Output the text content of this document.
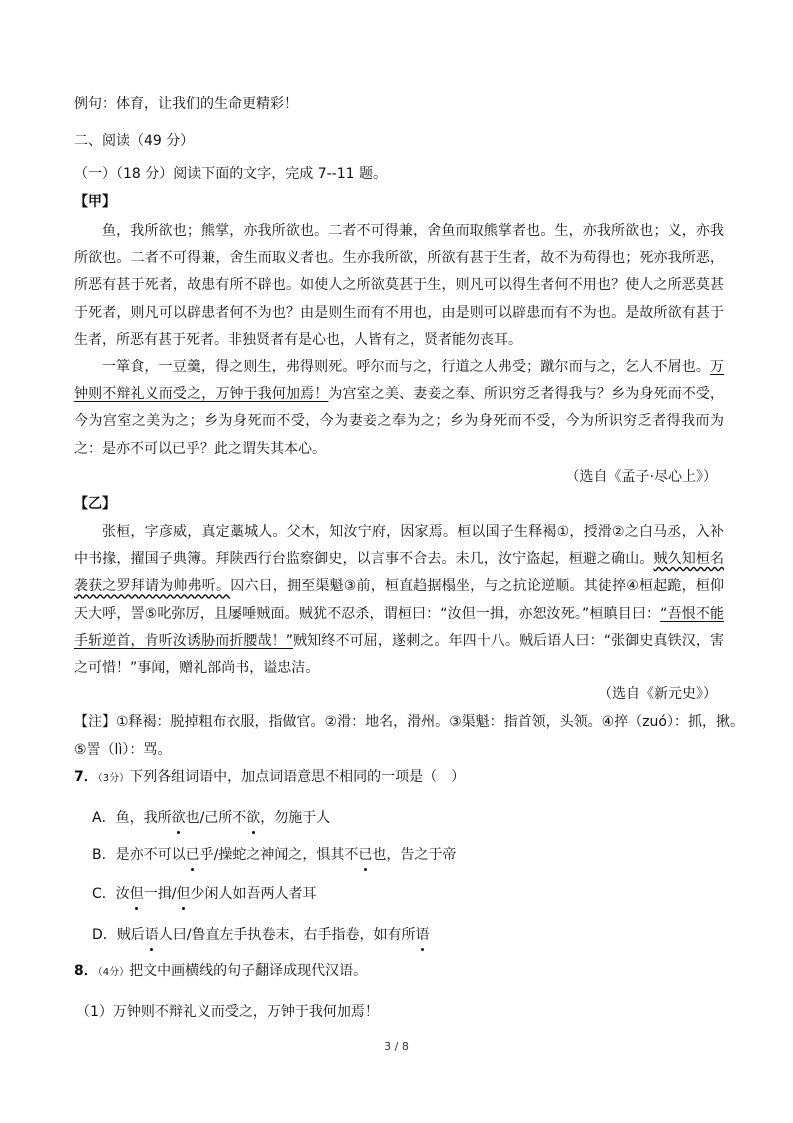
例句：体育，让我们的生命更精彩！
二、阅读（49 分）
（一）（18 分）阅读下面的文字，完成 7--11 题。
【甲】
鱼，我所欲也；熊掌，亦我所欲也。二者不可得兼，舍鱼而取熊掌者也。生，亦我所欲也；义，亦我所欲也。二者不可得兼，舍生而取义者也。生亦我所欲，所欲有甚于生者，故不为苟得也；死亦我所恶，所恶有甚于死者，故患有所不辟也。如使人之所欲莫甚于生，则凡可以得生者何不用也？使人之所恶莫甚于死者，则凡可以辟患者何不为也？由是则生而有不用也，由是则可以辟患而有不为也。是故所欲有甚于生者，所恶有甚于死者。非独贤者有是心也，人皆有之，贤者能勿丧耳。
一箪食，一豆羹，得之则生，弗得则死。呼尔而与之，行道之人弗受；蹴尔而与之，乞人不屑也。万钟则不辩礼义而受之，万钟于我何加焉！为宫室之美、妻妾之奉、所识穷乏者得我与？乡为身死而不受，今为宫室之美为之；乡为身死而不受，今为妻妾之奉为之；乡为身死而不受，今为所识穷乏者得我而为之：是亦不可以已乎？此之谓失其本心。
（选自《孟子·尽心上》）
【乙】
张桓，字彦威，真定藁城人。父木，知汝宁府，因家焉。桓以国子生释褐①，授滑②之白马丞，入补中书掾，擢国子典簿。拜陕西行台监察御史，以言事不合去。未几，汝宁盗起，桓避之确山。贼久知桓名袭获之罗拜请为帅弗听。囚六日，拥至渠魁③前，桓直趋据榻坐，与之抗论逆顺。其徒捽④桓起跪，桓仰天大呼，詈⑤叱弥厉，且屡唾贼面。贼犹不忍杀，谓桓曰：“汝但一揖，亦恕汝死。”桓瞋目曰：“吾恨不能手斩逆首，肯听汝诱胁而折腰哉！”贼知终不可屈，遂刺之。年四十八。贼后语人曰：“张御史真铁汉，害之可惜！”事闻，赠礼部尚书，谥忠洁。
（选自《新元史》）
【注】①释褐：脱掉粗布衣服，指做官。②滑：地名，滑州。③渠魁：指首领，头领。④捽（zuó）：抓，揪。
⑤詈（lì）：骂。
7．（3分）下列各组词语中，加点词语意思不相同的一项是（　）
A．鱼，我所欲也/己所不欲，勿施于人
B．是亦不可以已乎/操蛇之神闻之，惧其不已也，告之于帝
C．汝但一揖/但少闲人如吾两人者耳
D．贼后语人曰/鲁直左手执卷末，右手指卷，如有所语
8．（4分）把文中画横线的句子翻译成现代汉语。
（1）万钟则不辩礼义而受之，万钟于我何加焉！
3 / 8
